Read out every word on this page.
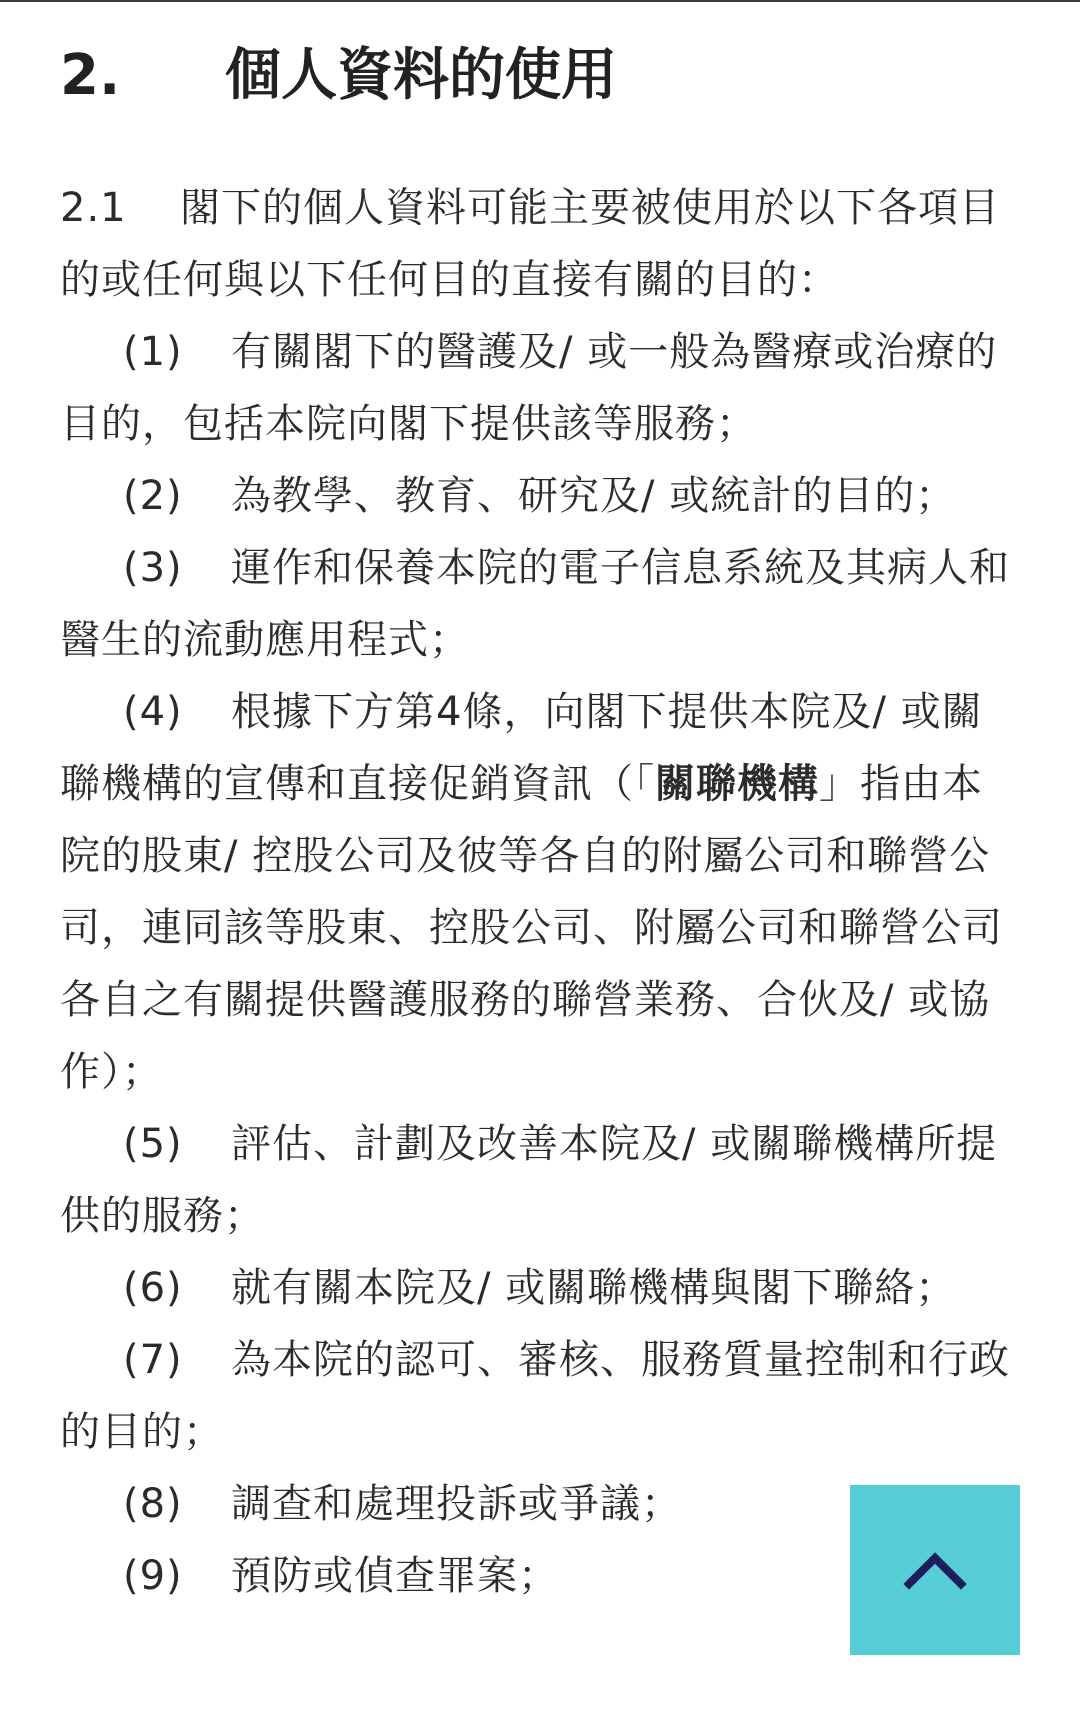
2. 個人資料的使用

2.1 閣下的個人資料可能主要被使用於以下各項目的或任何與以下任何目的直接有關的目的：

(1) 有關閣下的醫護及/ 或一般為醫療或治療的目的，包括本院向閣下提供該等服務；

(2) 為教學、教育、研究及/ 或統計的目的；

(3) 運作和保養本院的電子信息系統及其病人和醫生的流動應用程式；

(4) 根據下方第4條，向閣下提供本院及/ 或關聯機構的宣傳和直接促銷資訊（「關聯機構」指由本院的股東/ 控股公司及彼等各自的附屬公司和聯營公司，連同該等股東、控股公司、附屬公司和聯營公司各自之有關提供醫護服務的聯營業務、合伙及/ 或協作）；

(5) 評估、計劃及改善本院及/ 或關聯機構所提供的服務；

(6) 就有關本院及/ 或關聯機構與閣下聯絡；

(7) 為本院的認可、審核、服務質量控制和行政的目的；

(8) 調查和處理投訴或爭議；

(9) 預防或偵查罪案；
